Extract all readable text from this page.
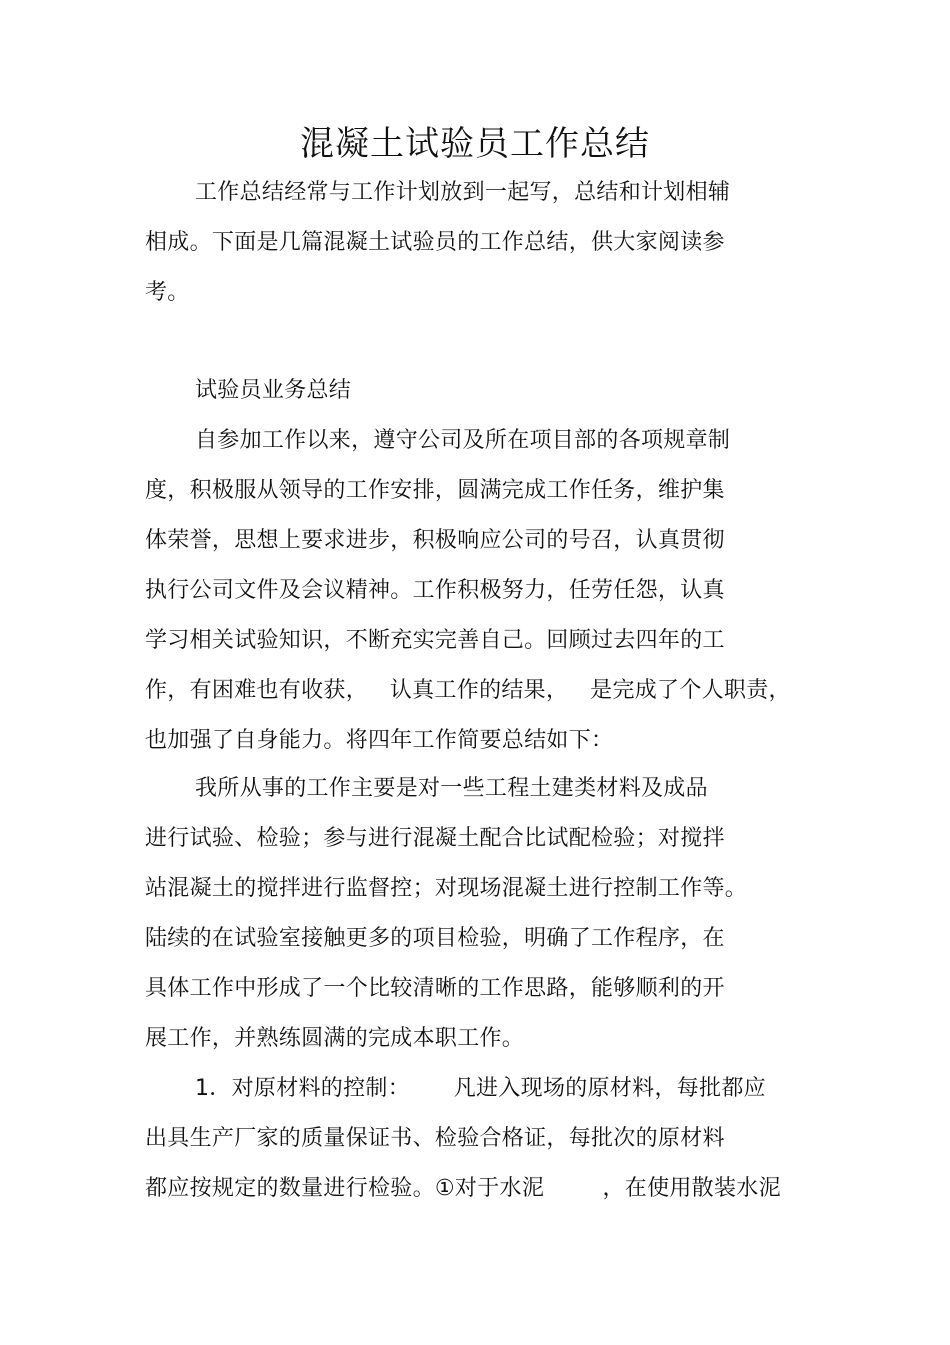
混凝土试验员工作总结
工作总结经常与工作计划放到一起写，总结和计划相辅
相成。下面是几篇混凝土试验员的工作总结，供大家阅读参
考。
试验员业务总结
自参加工作以来，遵守公司及所在项目部的各项规章制
度，积极服从领导的工作安排，圆满完成工作任务，维护集
体荣誉，思想上要求进步，积极响应公司的号召，认真贯彻
执行公司文件及会议精神。工作积极努力，任劳任怨，认真
学习相关试验知识，不断充实完善自己。回顾过去四年的工
作，有困难也有收获，   认真工作的结果，   是完成了个人职责，
也加强了自身能力。将四年工作简要总结如下：
我所从事的工作主要是对一些工程土建类材料及成品
进行试验、检验；参与进行混凝土配合比试配检验；对搅拌
站混凝土的搅拌进行监督控；对现场混凝土进行控制工作等。
陆续的在试验室接触更多的项目检验，明确了工作程序，在
具体工作中形成了一个比较清晰的工作思路，能够顺利的开
展工作，并熟练圆满的完成本职工作。
1．对原材料的控制：      凡进入现场的原材料，每批都应
出具生产厂家的质量保证书、检验合格证，每批次的原材料
都应按规定的数量进行检验。①对于水泥        ，在使用散装水泥
